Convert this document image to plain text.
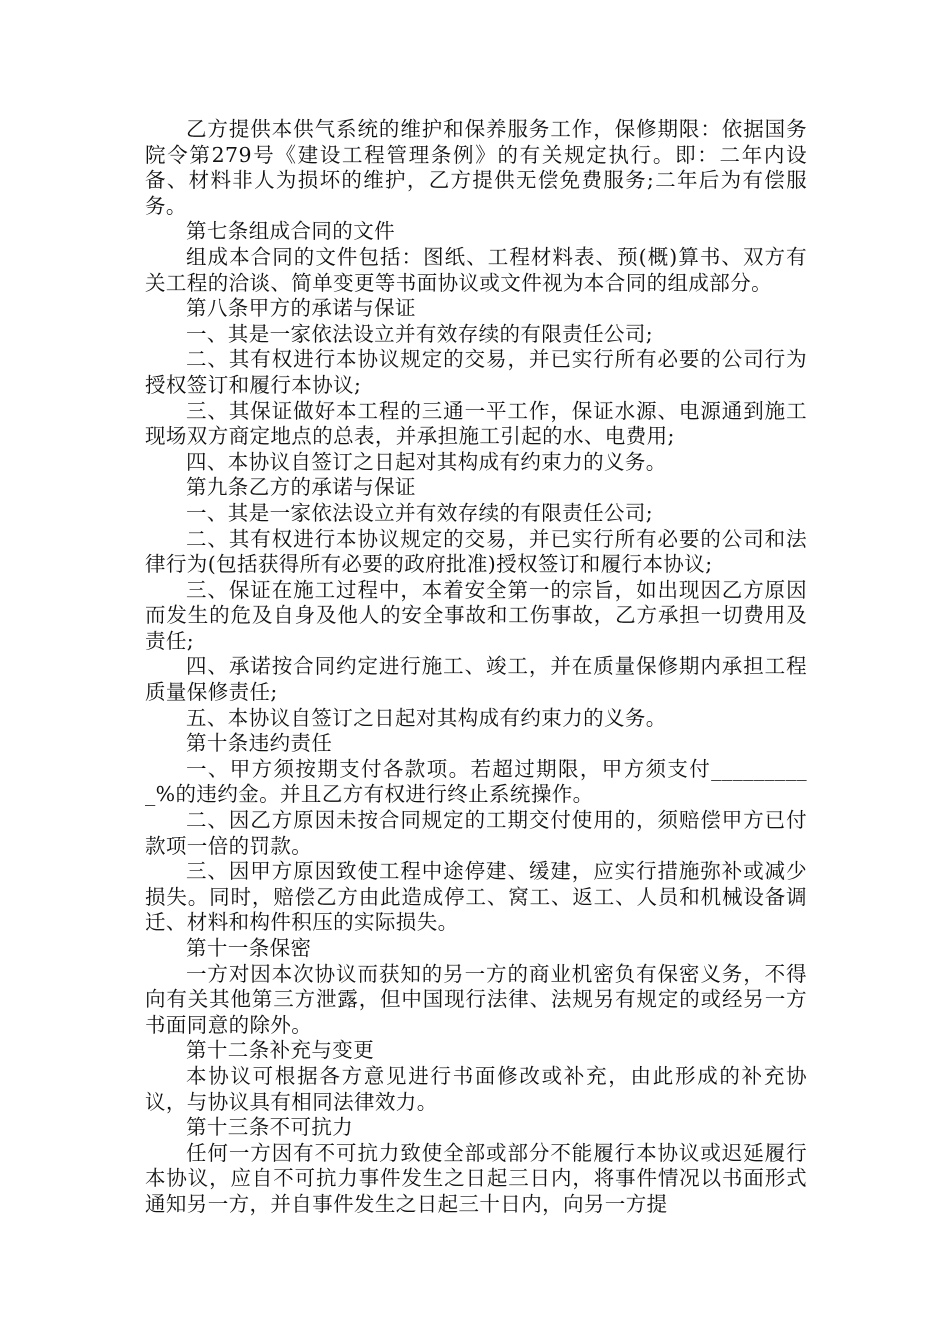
乙方提供本供气系统的维护和保养服务工作，保修期限：依据国务院令第279号《建设工程管理条例》的有关规定执行。即：二年内设备、材料非人为损坏的维护，乙方提供无偿免费服务;二年后为有偿服务。

第七条组成合同的文件

组成本合同的文件包括：图纸、工程材料表、预(概)算书、双方有关工程的洽谈、简单变更等书面协议或文件视为本合同的组成部分。

第八条甲方的承诺与保证

一、其是一家依法设立并有效存续的有限责任公司;

二、其有权进行本协议规定的交易，并已实行所有必要的公司行为授权签订和履行本协议;

三、其保证做好本工程的三通一平工作，保证水源、电源通到施工现场双方商定地点的总表，并承担施工引起的水、电费用;

四、本协议自签订之日起对其构成有约束力的义务。

第九条乙方的承诺与保证

一、其是一家依法设立并有效存续的有限责任公司;

二、其有权进行本协议规定的交易，并已实行所有必要的公司和法律行为(包括获得所有必要的政府批准)授权签订和履行本协议;

三、保证在施工过程中，本着安全第一的宗旨，如出现因乙方原因而发生的危及自身及他人的安全事故和工伤事故，乙方承担一切费用及责任;

四、承诺按合同约定进行施工、竣工，并在质量保修期内承担工程质量保修责任;

五、本协议自签订之日起对其构成有约束力的义务。

第十条违约责任

一、甲方须按期支付各款项。若超过期限，甲方须支付__________%的违约金。并且乙方有权进行终止系统操作。

二、因乙方原因未按合同规定的工期交付使用的，须赔偿甲方已付款项一倍的罚款。

三、因甲方原因致使工程中途停建、缓建，应实行措施弥补或减少损失。同时，赔偿乙方由此造成停工、窝工、返工、人员和机械设备调迁、材料和构件积压的实际损失。

第十一条保密

一方对因本次协议而获知的另一方的商业机密负有保密义务，不得向有关其他第三方泄露，但中国现行法律、法规另有规定的或经另一方书面同意的除外。

第十二条补充与变更

本协议可根据各方意见进行书面修改或补充，由此形成的补充协议，与协议具有相同法律效力。

第十三条不可抗力

任何一方因有不可抗力致使全部或部分不能履行本协议或迟延履行本协议，应自不可抗力事件发生之日起三日内，将事件情况以书面形式通知另一方，并自事件发生之日起三十日内，向另一方提
